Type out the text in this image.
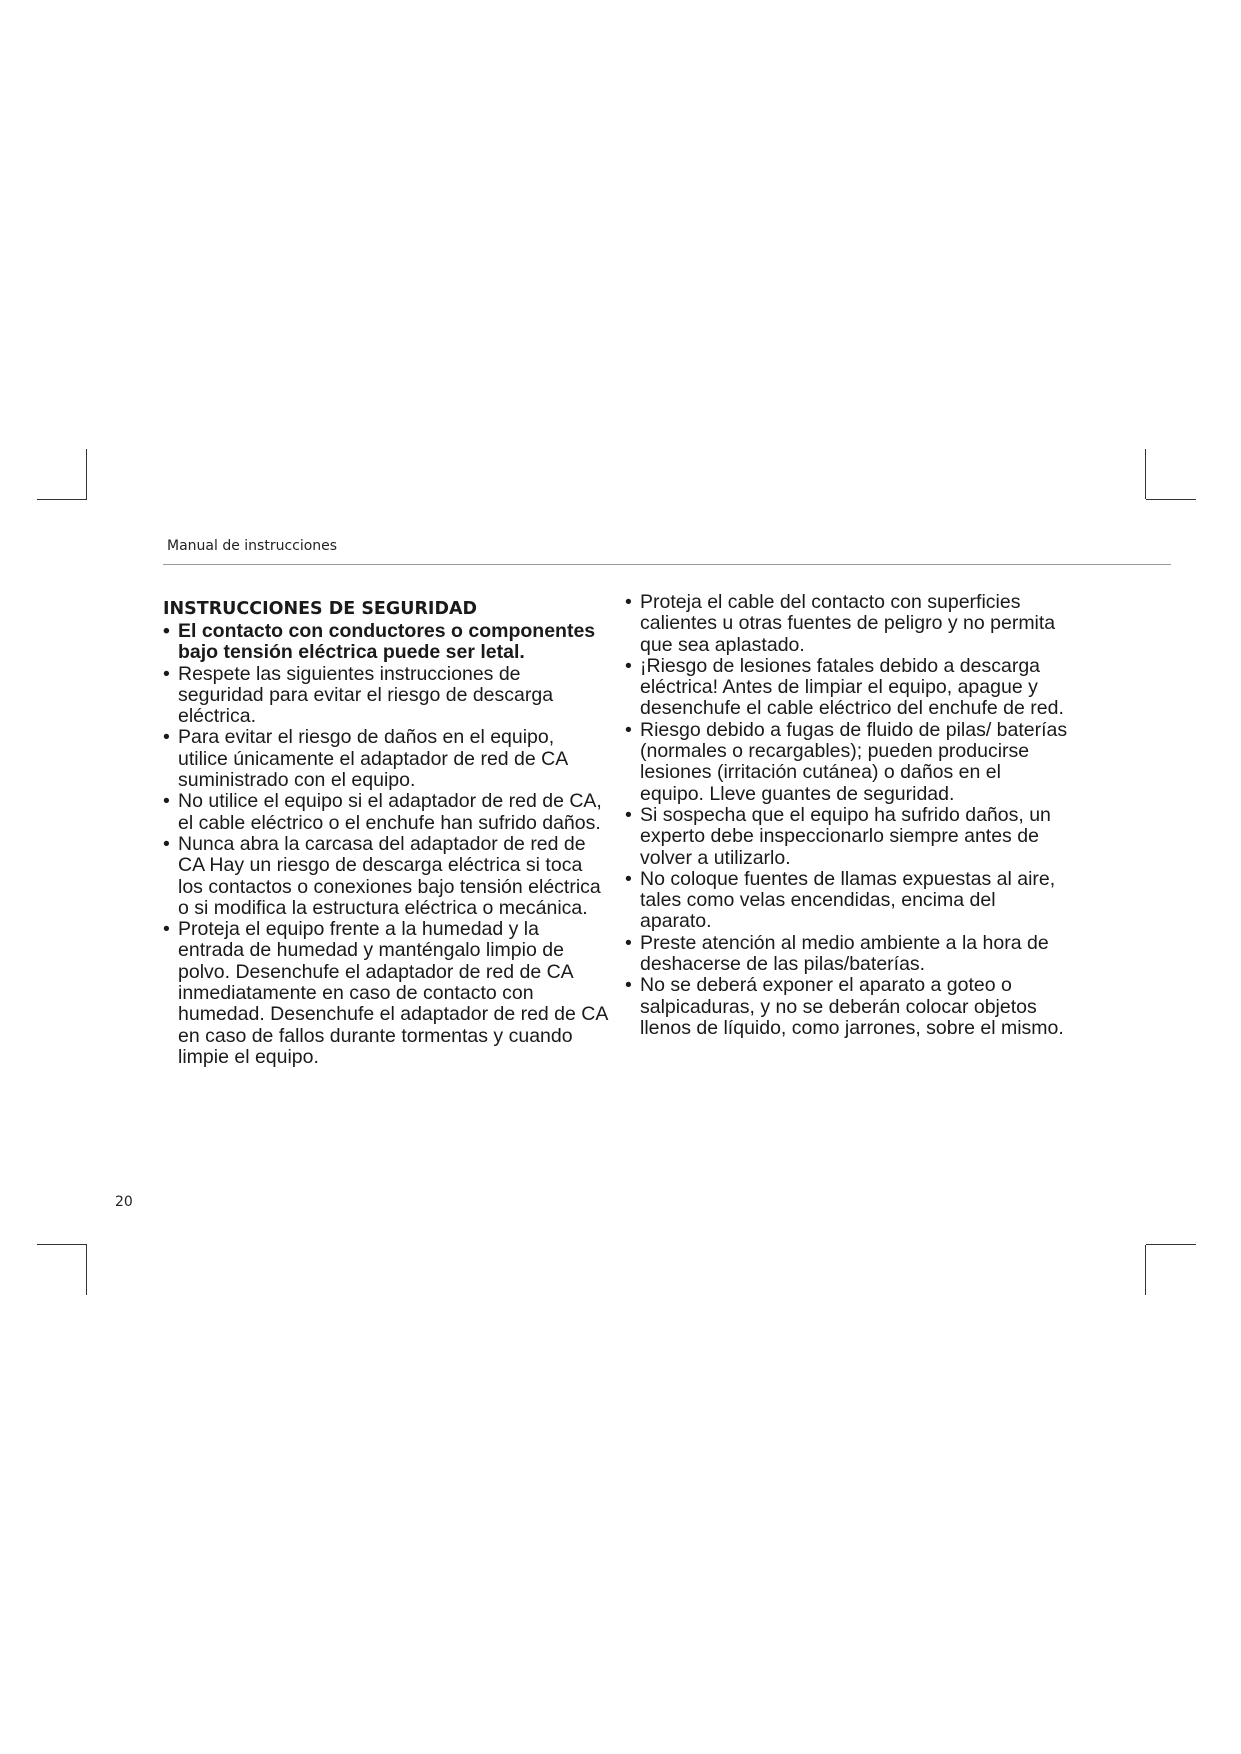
Manual de instrucciones
INSTRUCCIONES DE SEGURIDAD
• El contacto con conductores o componentes bajo tensión eléctrica puede ser letal.
• Respete las siguientes instrucciones de seguridad para evitar el riesgo de descarga eléctrica.
• Para evitar el riesgo de daños en el equipo, utilice únicamente el adaptador de red de CA suministrado con el equipo.
• No utilice el equipo si el adaptador de red de CA, el cable eléctrico o el enchufe han sufrido daños.
• Nunca abra la carcasa del adaptador de red de CA Hay un riesgo de descarga eléctrica si toca los contactos o conexiones bajo tensión eléctrica o si modifica la estructura eléctrica o mecánica.
• Proteja el equipo frente a la humedad y la entrada de humedad y manténgalo limpio de polvo. Desenchufe el adaptador de red de CA inmediatamente en caso de contacto con humedad. Desenchufe el adaptador de red de CA en caso de fallos durante tormentas y cuando limpie el equipo.
• Proteja el cable del contacto con superficies calientes u otras fuentes de peligro y no permita que sea aplastado.
• ¡Riesgo de lesiones fatales debido a descarga eléctrica! Antes de limpiar el equipo, apague y desenchufe el cable eléctrico del enchufe de red.
• Riesgo debido a fugas de fluido de pilas/ baterías (normales o recargables); pueden producirse lesiones (irritación cutánea) o daños en el equipo. Lleve guantes de seguridad.
• Si sospecha que el equipo ha sufrido daños, un experto debe inspeccionarlo siempre antes de volver a utilizarlo.
• No coloque fuentes de llamas expuestas al aire, tales como velas encendidas, encima del aparato.
• Preste atención al medio ambiente a la hora de deshacerse de las pilas/baterías.
• No se deberá exponer el aparato a goteo o salpicaduras, y no se deberán colocar objetos llenos de líquido, como jarrones, sobre el mismo.
20
